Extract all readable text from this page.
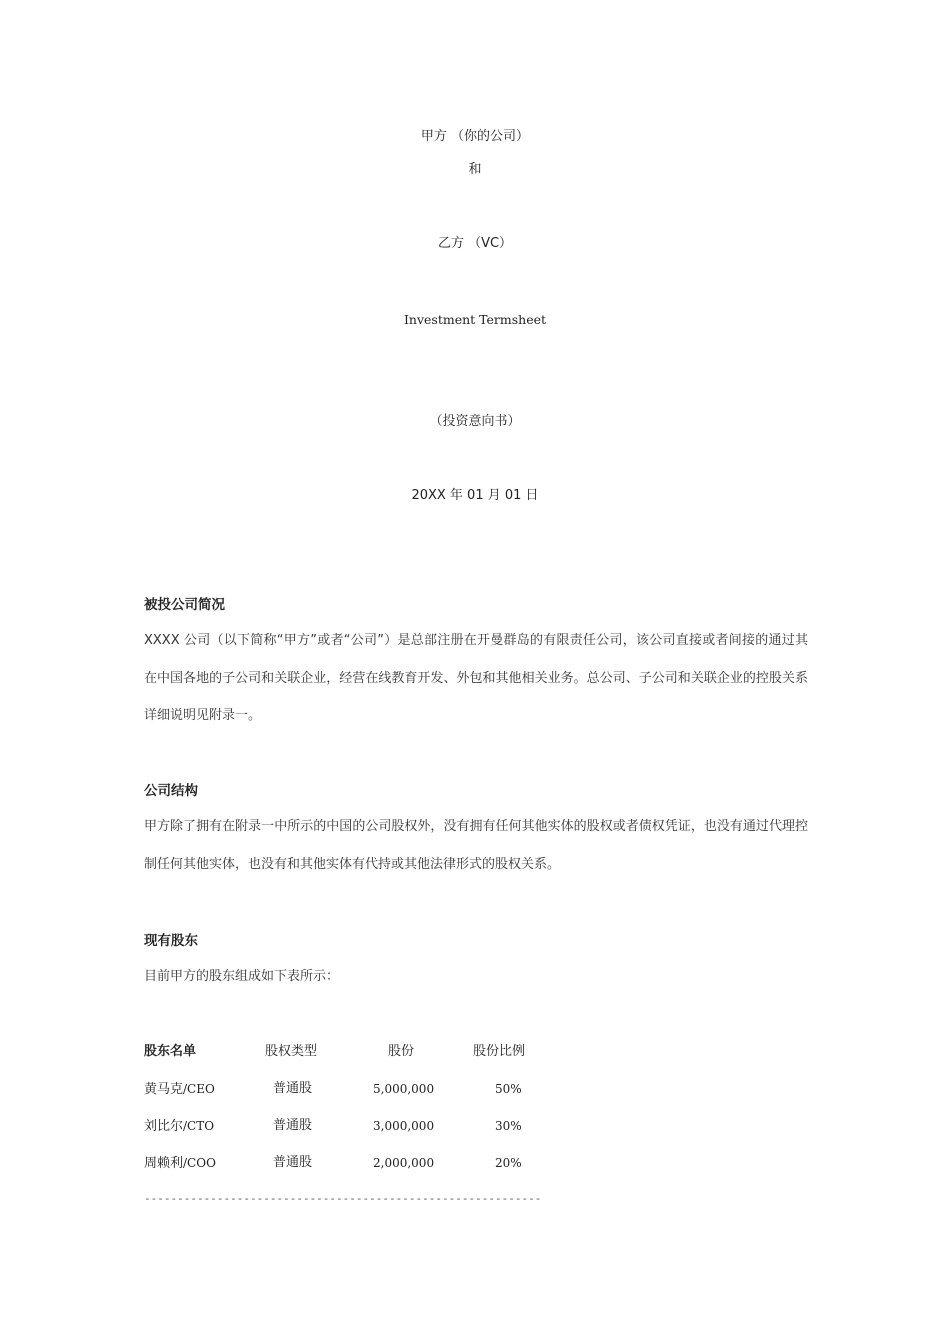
甲方 （你的公司）
和
乙方 （VC）
Investment Termsheet
（投资意向书）
20XX 年 01 月 01 日
被投公司简况
XXXX 公司（以下简称“甲方”或者“公司”）是总部注册在开曼群岛的有限责任公司，该公司直接或者间接的通过其在中国各地的子公司和关联企业，经营在线教育开发、外包和其他相关业务。总公司、子公司和关联企业的控股关系详细说明见附录一。
公司结构
甲方除了拥有在附录一中所示的中国的公司股权外，没有拥有任何其他实体的股权或者债权凭证，也没有通过代理控制任何其他实体，也没有和其他实体有代持或其他法律形式的股权关系。
现有股东
目前甲方的股东组成如下表所示：
股东名单	股权类型	股份	股份比例
黄马克/CEO	普通股	5,000,000	50%
刘比尔/CTO	普通股	3,000,000	30%
周赖利/COO	普通股	2,000,000	20%
------------------------------------------------------------
